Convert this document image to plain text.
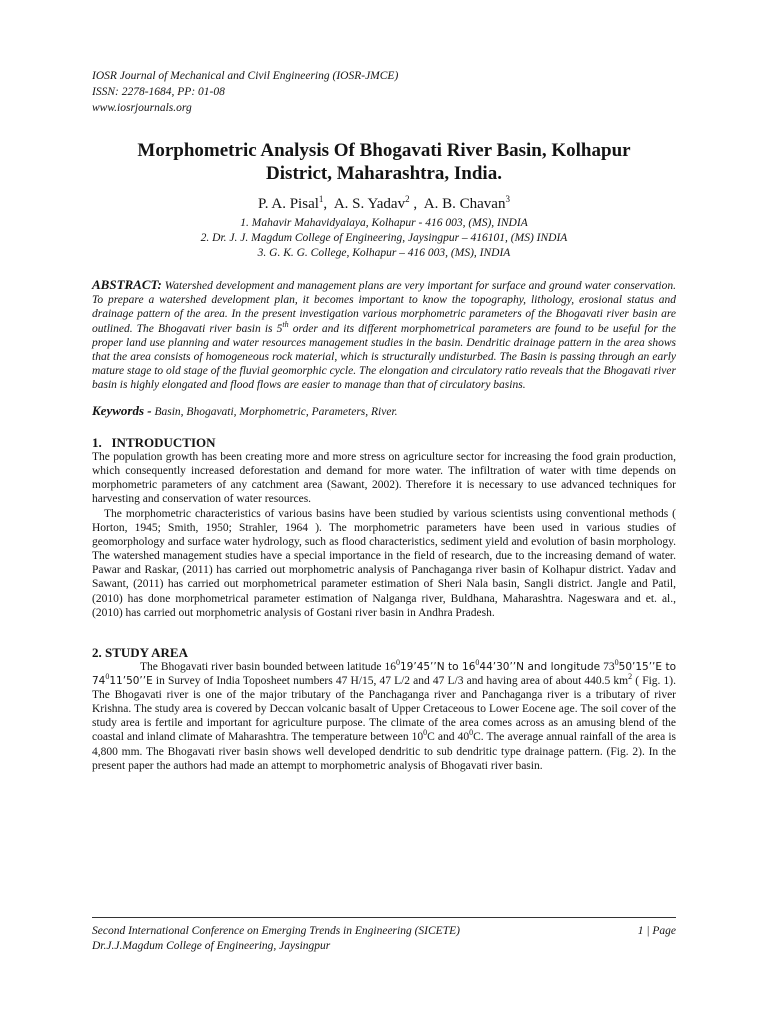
IOSR Journal of Mechanical and Civil Engineering (IOSR-JMCE)
ISSN: 2278-1684, PP: 01-08
www.iosrjournals.org
Morphometric Analysis Of Bhogavati River Basin, Kolhapur
District, Maharashtra, India.
P. A. Pisal$^1$,  A. S. Yadav$^2$ ,  A. B. Chavan$^3$
1. Mahavir Mahavidyalaya, Kolhapur - 416 003, (MS), INDIA
2. Dr. J. J. Magdum College of Engineering, Jaysingpur – 416101, (MS) INDIA
3. G. K. G. College, Kolhapur – 416 003, (MS), INDIA
ABSTRACT: Watershed development and management plans are very important for surface and ground water conservation. To prepare a watershed development plan, it becomes important to know the topography, lithology, erosional status and drainage pattern of the area. In the present investigation various morphometric parameters of the Bhogavati river basin are outlined. The Bhogavati river basin is 5th order and its different morphometrical parameters are found to be useful for the proper land use planning and water resources management studies in the basin. Dendritic drainage pattern in the area shows that the area consists of homogeneous rock material, which is structurally undisturbed. The Basin is passing through an early mature stage to old stage of the fluvial geomorphic cycle. The elongation and circulatory ratio reveals that the Bhogavati river basin is highly elongated and flood flows are easier to manage than that of circulatory basins.
Keywords - Basin, Bhogavati, Morphometric, Parameters, River.
1.   INTRODUCTION
The population growth has been creating more and more stress on agriculture sector for increasing the food grain production, which consequently increased deforestation and demand for more water. The infiltration of water with time depends on morphometric parameters of any catchment area (Sawant, 2002). Therefore it is necessary to use advanced techniques for harvesting and conservation of water resources.
The morphometric characteristics of various basins have been studied by various scientists using conventional methods ( Horton, 1945; Smith, 1950; Strahler, 1964 ). The morphometric parameters have been used in various studies of geomorphology and surface water hydrology, such as flood characteristics, sediment yield and evolution of basin morphology. The watershed management studies have a special importance in the field of research, due to the increasing demand of water. Pawar and Raskar, (2011) has carried out morphometric analysis of Panchaganga river basin of Kolhapur district. Yadav and Sawant, (2011) has carried out morphometrical parameter estimation of Sheri Nala basin, Sangli district. Jangle and Patil, (2010) has done morphometrical parameter estimation of Nalganga river, Buldhana, Maharashtra. Nageswara and et. al., (2010) has carried out morphometric analysis of Gostani river basin in Andhra Pradesh.
2. STUDY AREA
The Bhogavati river basin bounded between latitude $16^019’45’’N$ to $16^044’30’’N$ and longitude $73^050’15’’E$ to $74^011’50’’E$ in Survey of India Toposheet numbers 47 H/15, 47 L/2 and 47 L/3 and having area of about 440.5 $km^2$ ( Fig. 1). The Bhogavati river is one of the major tributary of the Panchaganga river and Panchaganga river is a tributary of river Krishna. The study area is covered by Deccan volcanic basalt of Upper Cretaceous to Lower Eocene age. The soil cover of the study area is fertile and important for agriculture purpose. The climate of the area comes across as an amusing blend of the coastal and inland climate of Maharashtra. The temperature between $10^0C$ and $40^0C$. The average annual rainfall of the area is 4,800 mm. The Bhogavati river basin shows well developed dendritic to sub dendritic type drainage pattern. (Fig. 2). In the present paper the authors had made an attempt to morphometric analysis of Bhogavati river basin.
Second International Conference on Emerging Trends in Engineering (SICETE)	1 | Page
Dr.J.J.Magdum College of Engineering, Jaysingpur
